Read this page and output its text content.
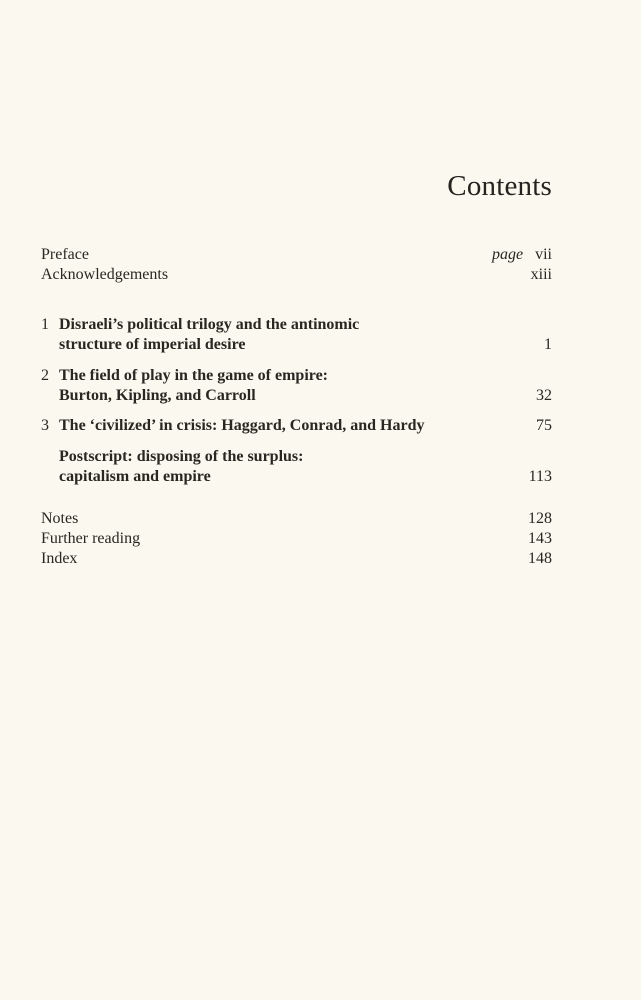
Contents
Preface	page vii
Acknowledgements	xiii
1 Disraeli’s political trilogy and the antinomic
structure of imperial desire	1
2 The field of play in the game of empire:
Burton, Kipling, and Carroll	32
3 The ‘civilized’ in crisis: Haggard, Conrad, and Hardy	75
Postscript: disposing of the surplus:
capitalism and empire	113
Notes	128
Further reading	143
Index	148
